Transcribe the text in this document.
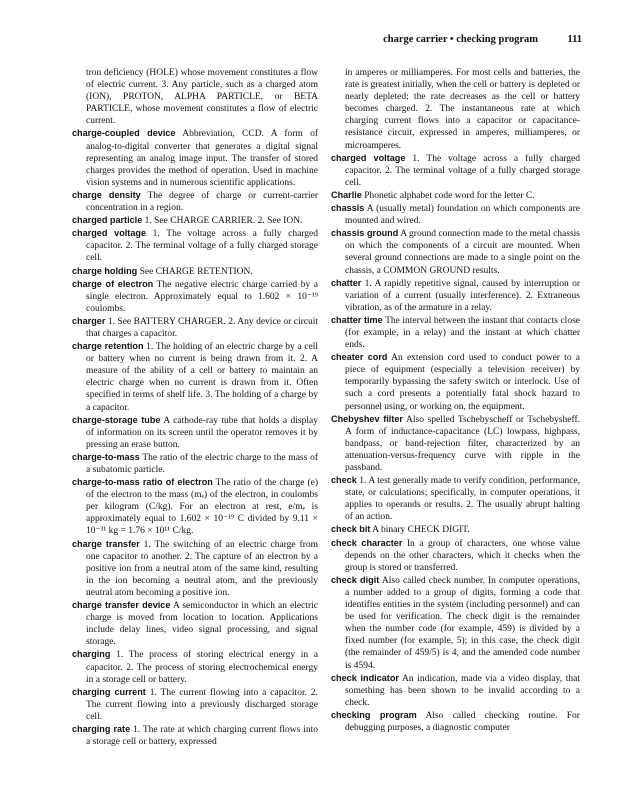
charge carrier • checking program	111

tron deficiency (HOLE) whose movement constitutes a flow of electric current. 3. Any particle, such as a charged atom (ION), PROTON, ALPHA PARTICLE, or BETA PARTICLE, whose movement constitutes a flow of electric current.

charge-coupled device Abbreviation, CCD. A form of analog-to-digital converter that generates a digital signal representing an analog image input. The transfer of stored charges provides the method of operation. Used in machine vision systems and in numerous scientific applications.

charge density The degree of charge or current-carrier concentration in a region.

charged particle 1. See CHARGE CARRIER. 2. See ION.

charged voltage 1. The voltage across a fully charged capacitor. 2. The terminal voltage of a fully charged storage cell.

charge holding See CHARGE RETENTION.

charge of electron The negative electric charge carried by a single electron. Approximately equal to 1.602 × 10⁻¹⁹ coulombs.

charger 1. See BATTERY CHARGER. 2. Any device or circuit that charges a capacitor.

charge retention 1. The holding of an electric charge by a cell or battery when no current is being drawn from it. 2. A measure of the ability of a cell or battery to maintain an electric charge when no current is drawn from it. Often specified in terms of shelf life. 3. The holding of a charge by a capacitor.

charge-storage tube A cathode-ray tube that holds a display of information on its screen until the operator removes it by pressing an erase button.

charge-to-mass The ratio of the electric charge to the mass of a subatomic particle.

charge-to-mass ratio of electron The ratio of the charge (e) of the electron to the mass (mₑ) of the electron, in coulombs per kilogram (C/kg). For an electron at rest, e/mₑ is approximately equal to 1.602 × 10⁻¹⁹ C divided by 9.11 × 10⁻³¹ kg = 1.76 × 10¹¹ C/kg.

charge transfer 1. The switching of an electric charge from one capacitor to another. 2. The capture of an electron by a positive ion from a neutral atom of the same kind, resulting in the ion becoming a neutral atom, and the previously neutral atom becoming a positive ion.

charge transfer device A semiconductor in which an electric charge is moved from location to location. Applications include delay lines, video signal processing, and signal storage.

charging 1. The process of storing electrical energy in a capacitor. 2. The process of storing electrochemical energy in a storage cell or battery.

charging current 1. The current flowing into a capacitor. 2. The current flowing into a previously discharged storage cell.

charging rate 1. The rate at which charging current flows into a storage cell or battery, expressed

in amperes or milliamperes. For most cells and batteries, the rate is greatest initially, when the cell or battery is depleted or nearly depleted; the rate decreases as the cell or battery becomes charged. 2. The instantaneous rate at which charging current flows into a capacitor or capacitance-resistance circuit, expressed in amperes, milliamperes, or microamperes.

charged voltage 1. The voltage across a fully charged capacitor. 2. The terminal voltage of a fully charged storage cell.

Charlie Phonetic alphabet code word for the letter C.

chassis A (usually metal) foundation on which components are mounted and wired.

chassis ground A ground connection made to the metal chassis on which the components of a circuit are mounted. When several ground connections are made to a single point on the chassis, a COMMON GROUND results.

chatter 1. A rapidly repetitive signal, caused by interruption or variation of a current (usually interference). 2. Extraneous vibration, as of the armature in a relay.

chatter time The interval between the instant that contacts close (for example, in a relay) and the instant at which chatter ends.

cheater cord An extension cord used to conduct power to a piece of equipment (especially a television receiver) by temporarily bypassing the safety switch or interlock. Use of such a cord presents a potentially fatal shock hazard to personnel using, or working on, the equipment.

Chebyshev filter Also spelled Tschebyscheff or Tschebysheff. A form of inductance-capacitance (LC) lowpass, highpass, bandpass, or band-rejection filter, characterized by an attenuation-versus-frequency curve with ripple in the passband.

check 1. A test generally made to verify condition, performance, state, or calculations; specifically, in computer operations, it applies to operands or results. 2. The usually abrupt halting of an action.

check bit A binary CHECK DIGIT.

check character In a group of characters, one whose value depends on the other characters, which it checks when the group is stored or transferred.

check digit Also called check number. In computer operations, a number added to a group of digits, forming a code that identifies entities in the system (including personnel) and can be used for verification. The check digit is the remainder when the number code (for example, 459) is divided by a fixed number (for example, 5); in this case, the check digit (the remainder of 459/5) is 4, and the amended code number is 4594.

check indicator An indication, made via a video display, that something has been shown to be invalid according to a check.

checking program Also called checking routine. For debugging purposes, a diagnostic computer
